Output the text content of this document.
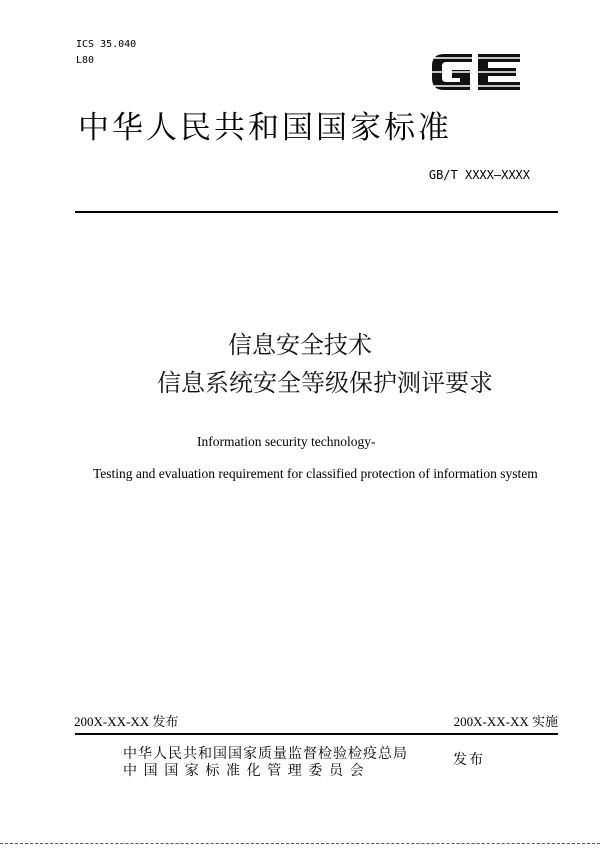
ICS 35.040
L80
中华人民共和国国家标准
GB/T XXXX—XXXX
信息安全技术
信息系统安全等级保护测评要求
Information security technology-
Testing and evaluation requirement for classified protection of information system
200X-XX-XX 发布	200X-XX-XX 实施
中华人民共和国国家质量监督检验检疫总局
中国国家标准化管理委员会
发布
